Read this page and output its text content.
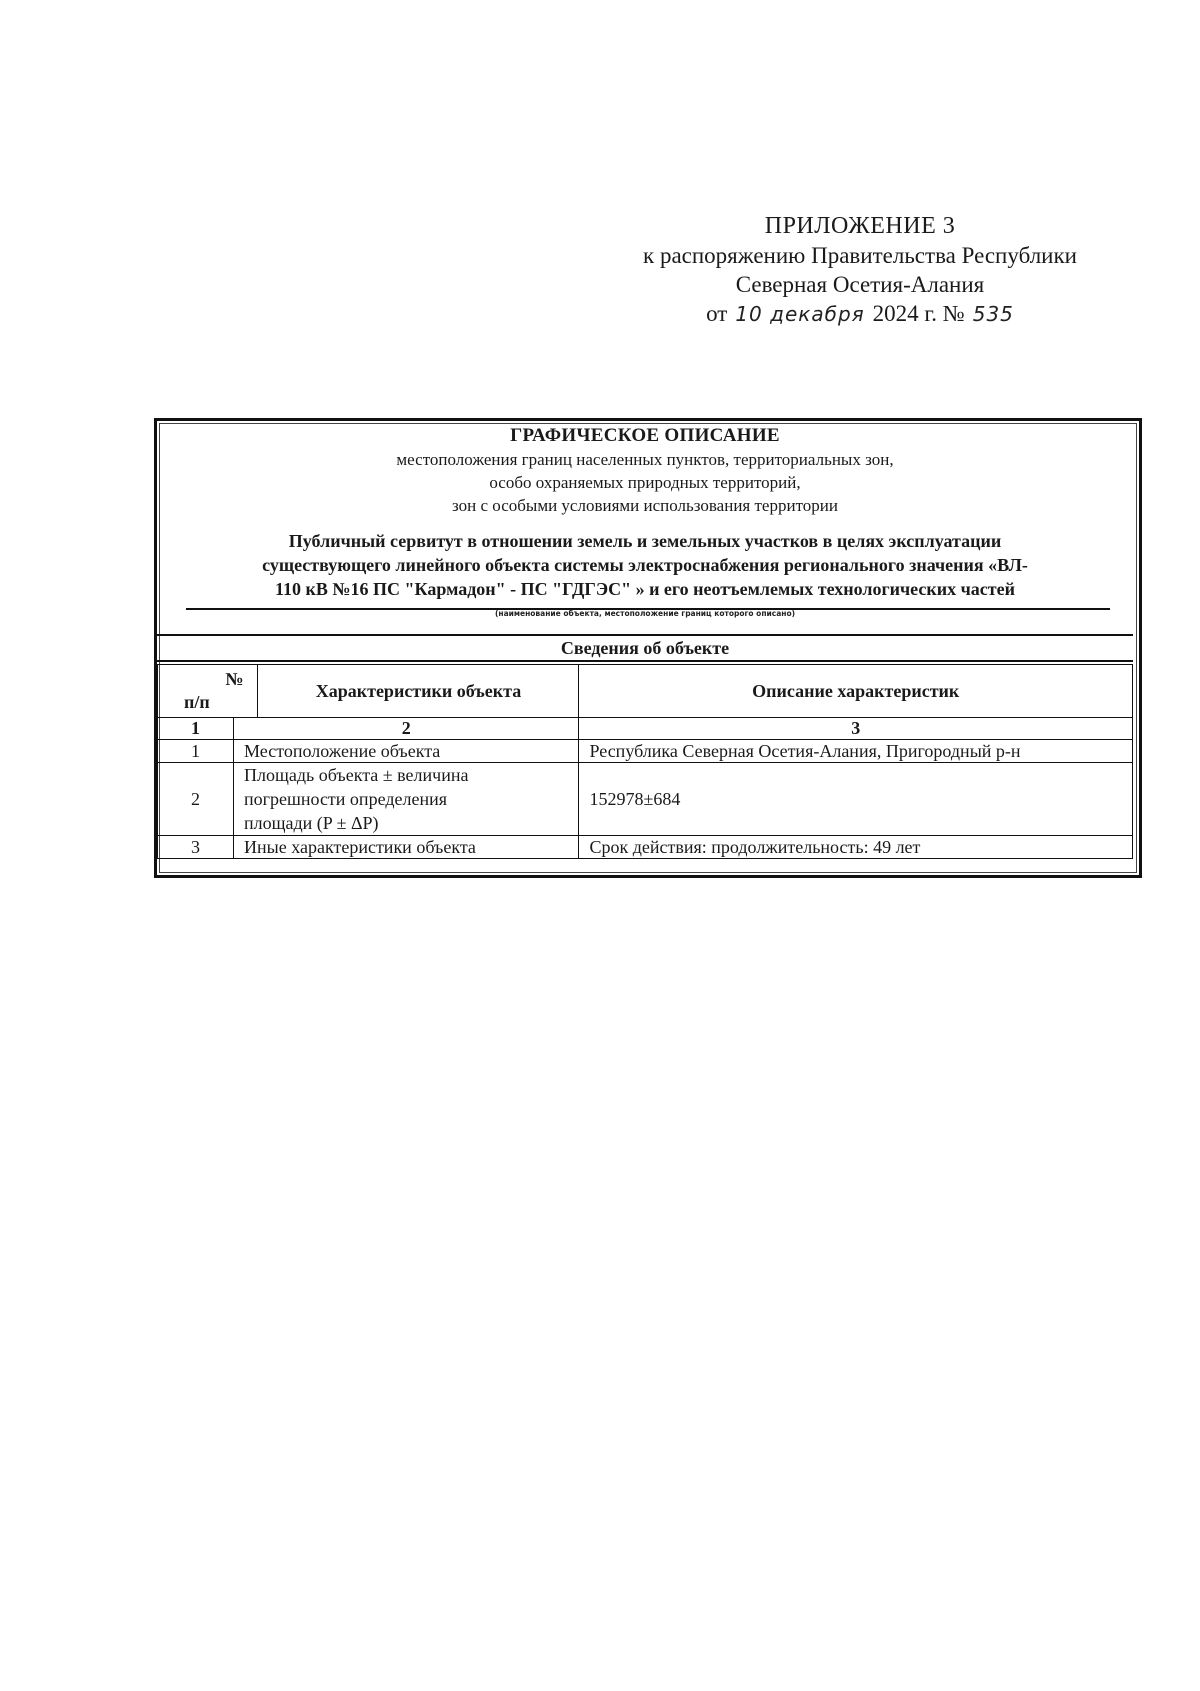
ПРИЛОЖЕНИЕ 3
к распоряжению Правительства Республики
Северная Осетия-Алания
от 10 декабря 2024 г. № 535
ГРАФИЧЕСКОЕ ОПИСАНИЕ
местоположения границ населенных пунктов, территориальных зон,
особо охраняемых природных территорий,
зон с особыми условиями использования территории
Публичный сервитут в отношении земель и земельных участков в целях эксплуатации
существующего линейного объекта системы электроснабжения регионального значения «ВЛ-
110 кВ №16 ПС "Кармадон" - ПС "ГДГЭС" » и его неотъемлемых технологических частей
(наименование объекта, местоположение границ которого описано)
Сведения об объекте
№
п/п		Характеристики объекта	Описание характеристик
1	2		3
1	Местоположение объекта		Республика Северная Осетия-Алания, Пригородный р-н
2	Площадь объекта ± величина
погрешности определения
площади (P ± ΔP)		152978±684
3	Иные характеристики объекта		Срок действия: продолжительность: 49 лет
